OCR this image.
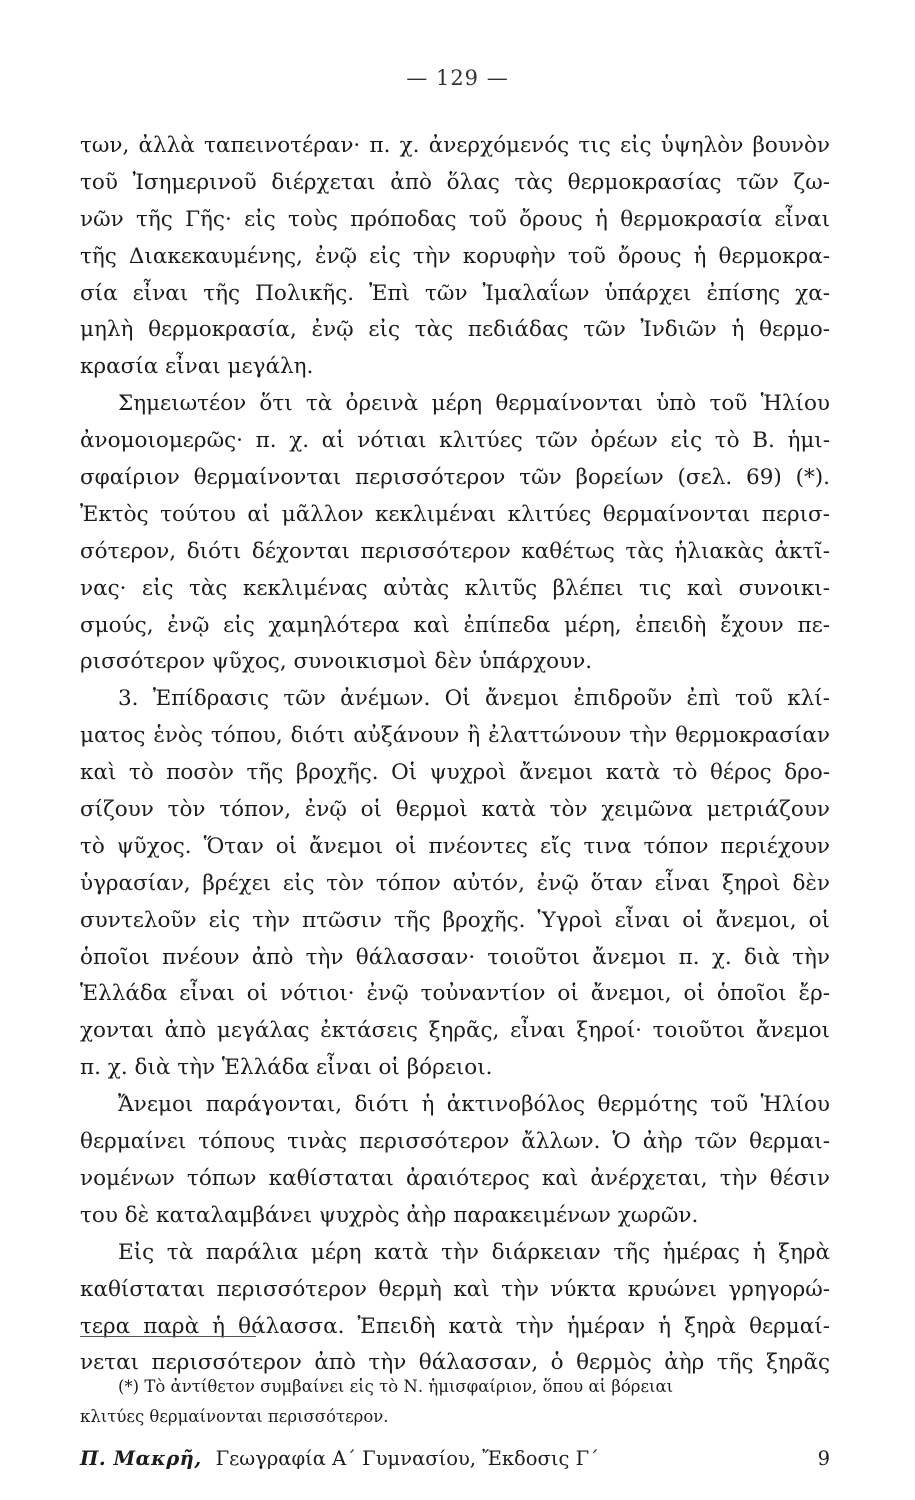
— 129 —
των, ἀλλὰ ταπεινοτέραν· π. χ. ἀνερχόμενός τις εἰς ὑψηλὸν βουνὸν
τοῦ Ἰσημερινοῦ διέρχεται ἀπὸ ὅλας τὰς θερμοκρασίας τῶν ζω-
νῶν τῆς Γῆς· εἰς τοὺς πρόποδας τοῦ ὄρους ἡ θερμοκρασία εἶναι
τῆς Διακεκαυμένης, ἐνῷ εἰς τὴν κορυφὴν τοῦ ὄρους ἡ θερμοκρα-
σία εἶναι τῆς Πολικῆς. Ἐπὶ τῶν Ἰμαλαΐων ὑπάρχει ἐπίσης χα-
μηλὴ θερμοκρασία, ἐνῷ εἰς τὰς πεδιάδας τῶν Ἰνδιῶν ἡ θερμο-
κρασία εἶναι μεγάλη.
Σημειωτέον ὅτι τὰ ὀρεινὰ μέρη θερμαίνονται ὑπὸ τοῦ Ἡλίου
ἀνομοιομερῶς· π. χ. αἱ νότιαι κλιτύες τῶν ὀρέων εἰς τὸ Β. ἡμι-
σφαίριον θερμαίνονται περισσότερον τῶν βορείων (σελ. 69) (*).
Ἐκτὸς τούτου αἱ μᾶλλον κεκλιμέναι κλιτύες θερμαίνονται περισ-
σότερον, διότι δέχονται περισσότερον καθέτως τὰς ἡλιακὰς ἀκτῖ-
νας· εἰς τὰς κεκλιμένας αὐτὰς κλιτῦς βλέπει τις καὶ συνοικι-
σμούς, ἐνῷ εἰς χαμηλότερα καὶ ἐπίπεδα μέρη, ἐπειδὴ ἔχουν πε-
ρισσότερον ψῦχος, συνοικισμοὶ δὲν ὑπάρχουν.
3. Ἐπίδρασις τῶν ἀνέμων. Οἱ ἄνεμοι ἐπιδροῦν ἐπὶ τοῦ κλί-
ματος ἑνὸς τόπου, διότι αὐξάνουν ἢ ἐλαττώνουν τὴν θερμοκρασίαν
καὶ τὸ ποσὸν τῆς βροχῆς. Οἱ ψυχροὶ ἄνεμοι κατὰ τὸ θέρος δρο-
σίζουν τὸν τόπον, ἐνῷ οἱ θερμοὶ κατὰ τὸν χειμῶνα μετριάζουν
τὸ ψῦχος. Ὅταν οἱ ἄνεμοι οἱ πνέοντες εἴς τινα τόπον περιέχουν
ὑγρασίαν, βρέχει εἰς τὸν τόπον αὐτόν, ἐνῷ ὅταν εἶναι ξηροὶ δὲν
συντελοῦν εἰς τὴν πτῶσιν τῆς βροχῆς. Ὑγροὶ εἶναι οἱ ἄνεμοι, οἱ
ὁποῖοι πνέουν ἀπὸ τὴν θάλασσαν· τοιοῦτοι ἄνεμοι π. χ. διὰ τὴν
Ἑλλάδα εἶναι οἱ νότιοι· ἐνῷ τοὐναντίον οἱ ἄνεμοι, οἱ ὁποῖοι ἔρ-
χονται ἀπὸ μεγάλας ἐκτάσεις ξηρᾶς, εἶναι ξηροί· τοιοῦτοι ἄνεμοι
π. χ. διὰ τὴν Ἑλλάδα εἶναι οἱ βόρειοι.
Ἄνεμοι παράγονται, διότι ἡ ἀκτινοβόλος θερμότης τοῦ Ἡλίου
θερμαίνει τόπους τινὰς περισσότερον ἄλλων. Ὁ ἀὴρ τῶν θερμαι-
νομένων τόπων καθίσταται ἀραιότερος καὶ ἀνέρχεται, τὴν θέσιν
του δὲ καταλαμβάνει ψυχρὸς ἀὴρ παρακειμένων χωρῶν.
Εἰς τὰ παράλια μέρη κατὰ τὴν διάρκειαν τῆς ἡμέρας ἡ ξηρὰ
καθίσταται περισσότερον θερμὴ καὶ τὴν νύκτα κρυώνει γρηγορώ-
τερα παρὰ ἡ θάλασσα. Ἐπειδὴ κατὰ τὴν ἡμέραν ἡ ξηρὰ θερμαί-
νεται περισσότερον ἀπὸ τὴν θάλασσαν, ὁ θερμὸς ἀὴρ τῆς ξηρᾶς
(*) Τὸ ἀντίθετον συμβαίνει εἰς τὸ Ν. ἡμισφαίριον, ὅπου αἱ βόρειαι
κλιτύες θερμαίνονται περισσότερον.
Π. Μακρῆ, Γεωγραφία Α΄ Γυμνασίου, Ἔκδοσις Γ΄	9
